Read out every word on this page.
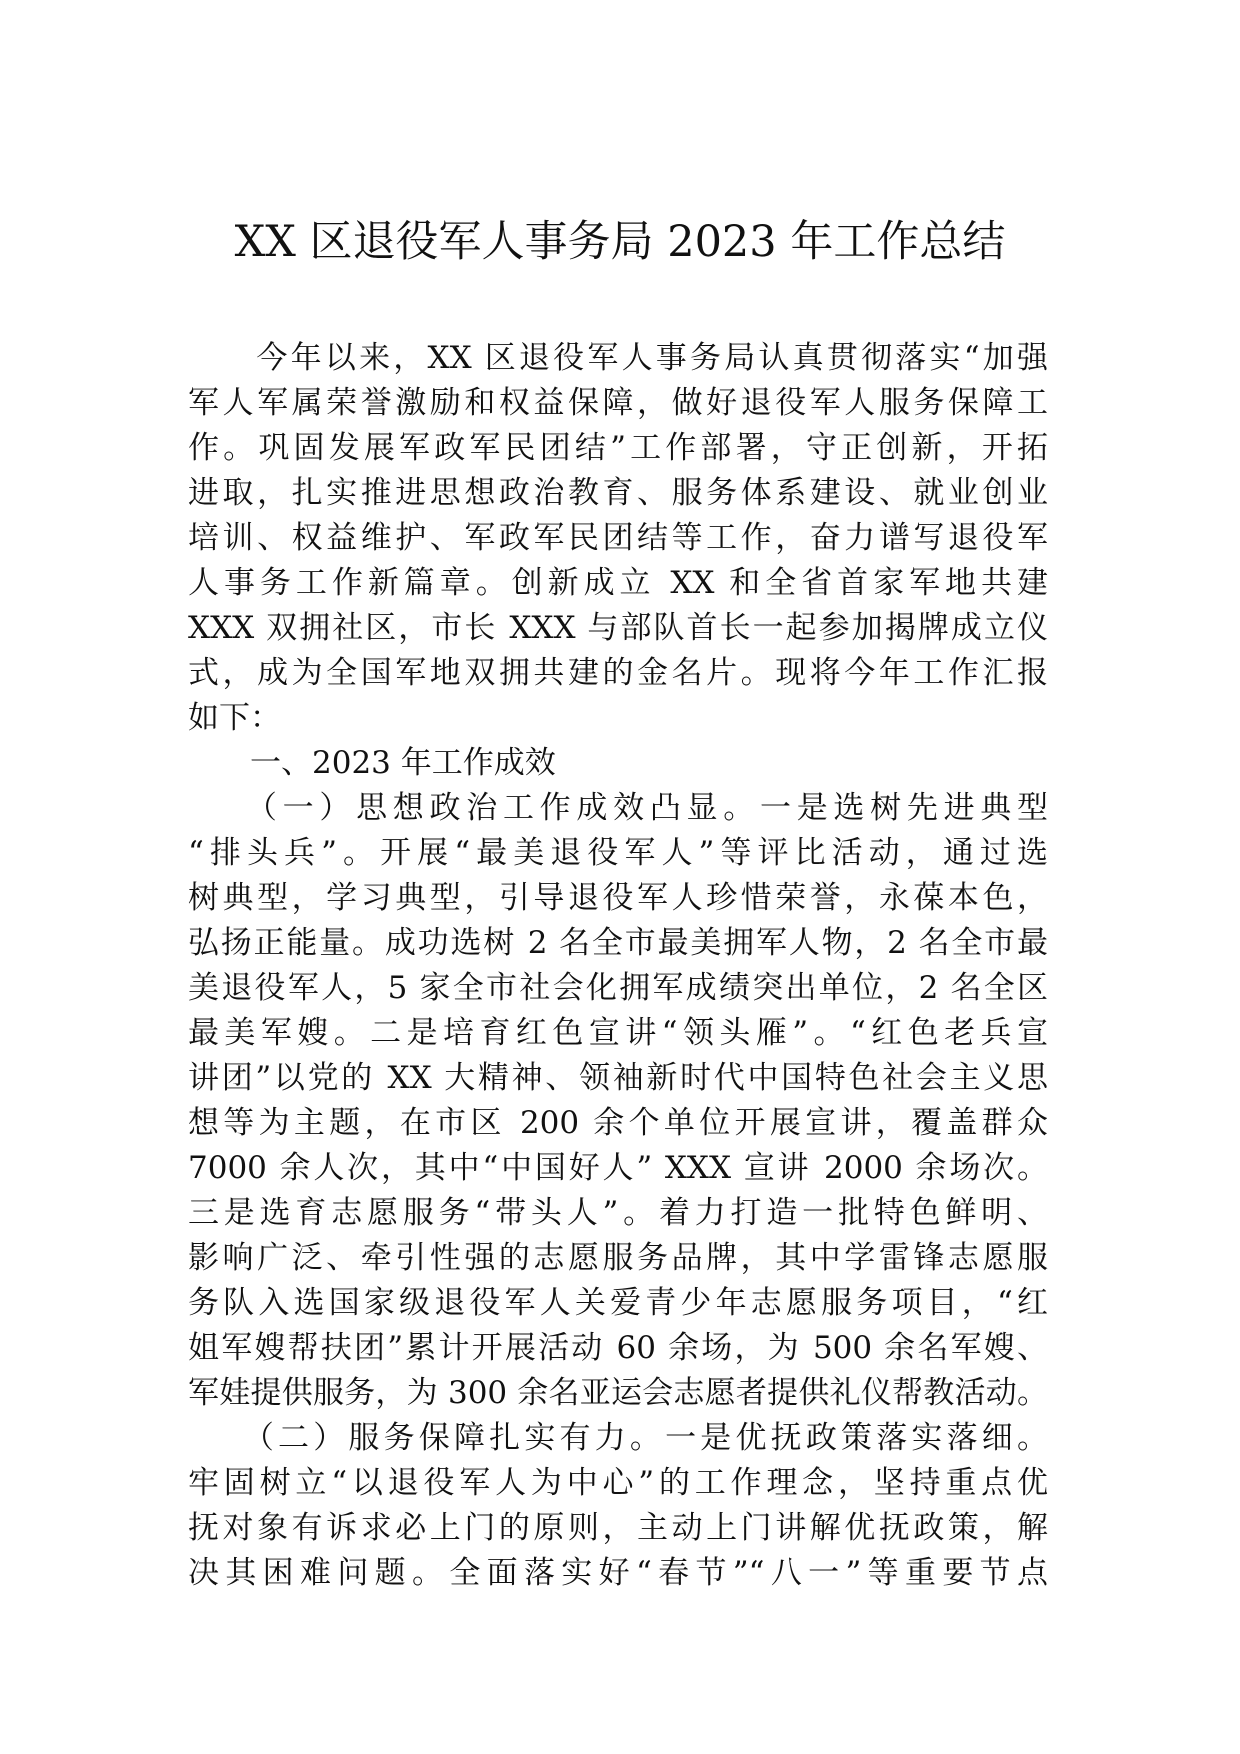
XX 区退役军人事务局 2023 年工作总结
　　今年以来，XX 区退役军人事务局认真贯彻落实“加强
军人军属荣誉激励和权益保障，做好退役军人服务保障工
作。巩固发展军政军民团结”工作部署，守正创新，开拓
进取，扎实推进思想政治教育、服务体系建设、就业创业
培训、权益维护、军政军民团结等工作，奋力谱写退役军
人事务工作新篇章。创新成立 XX 和全省首家军地共建
XXX 双拥社区，市长 XXX 与部队首长一起参加揭牌成立仪
式，成为全国军地双拥共建的金名片。现将今年工作汇报
如下：
　　一、2023 年工作成效
　　（一）思想政治工作成效凸显。一是选树先进典型
“排头兵”。开展“最美退役军人”等评比活动，通过选
树典型，学习典型，引导退役军人珍惜荣誉，永葆本色，
弘扬正能量。成功选树 2 名全市最美拥军人物，2 名全市最
美退役军人，5 家全市社会化拥军成绩突出单位，2 名全区
最美军嫂。二是培育红色宣讲“领头雁”。“红色老兵宣
讲团”以党的 XX 大精神、领袖新时代中国特色社会主义思
想等为主题，在市区 200 余个单位开展宣讲，覆盖群众
7000 余人次，其中“中国好人” XXX 宣讲 2000 余场次。
三是选育志愿服务“带头人”。着力打造一批特色鲜明、
影响广泛、牵引性强的志愿服务品牌，其中学雷锋志愿服
务队入选国家级退役军人关爱青少年志愿服务项目，“红
姐军嫂帮扶团”累计开展活动 60 余场，为 500 余名军嫂、
军娃提供服务，为 300 余名亚运会志愿者提供礼仪帮教活动。
　　（二）服务保障扎实有力。一是优抚政策落实落细。
牢固树立“以退役军人为中心”的工作理念，坚持重点优
抚对象有诉求必上门的原则，主动上门讲解优抚政策，解
决其困难问题。全面落实好“春节”“八一”等重要节点
